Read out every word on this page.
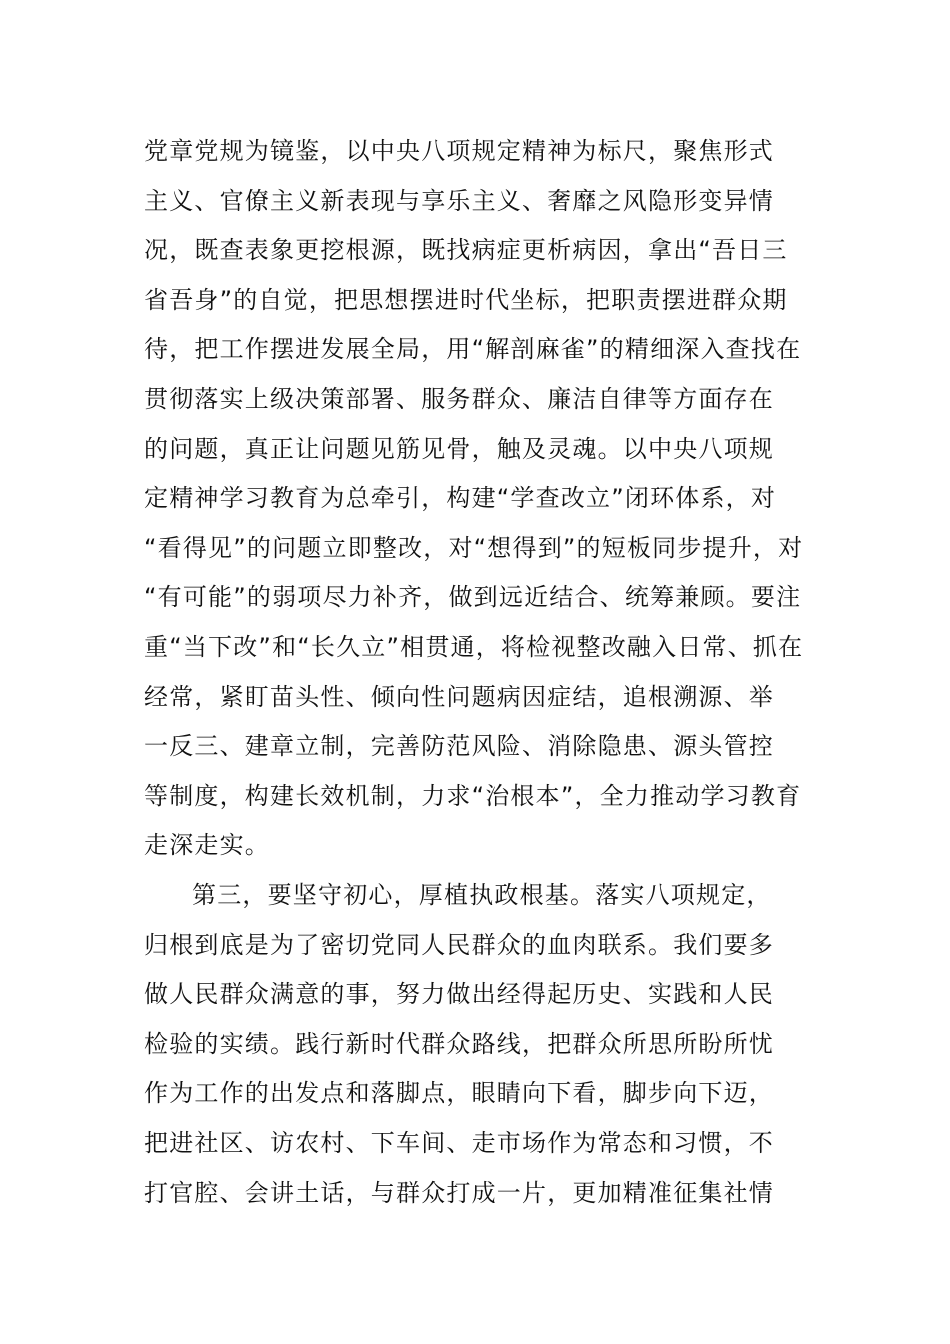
党章党规为镜鉴，以中央八项规定精神为标尺，聚焦形式
主义、官僚主义新表现与享乐主义、奢靡之风隐形变异情
况，既查表象更挖根源，既找病症更析病因，拿出“吾日三
省吾身”的自觉，把思想摆进时代坐标，把职责摆进群众期
待，把工作摆进发展全局，用“解剖麻雀”的精细深入查找在
贯彻落实上级决策部署、服务群众、廉洁自律等方面存在
的问题，真正让问题见筋见骨，触及灵魂。以中央八项规
定精神学习教育为总牵引，构建“学查改立”闭环体系，对
“看得见”的问题立即整改，对“想得到”的短板同步提升，对
“有可能”的弱项尽力补齐，做到远近结合、统筹兼顾。要注
重“当下改”和“长久立”相贯通，将检视整改融入日常、抓在
经常，紧盯苗头性、倾向性问题病因症结，追根溯源、举
一反三、建章立制，完善防范风险、消除隐患、源头管控
等制度，构建长效机制，力求“治根本”，全力推动学习教育
走深走实。
第三，要坚守初心，厚植执政根基。落实八项规定，
归根到底是为了密切党同人民群众的血肉联系。我们要多
做人民群众满意的事，努力做出经得起历史、实践和人民
检验的实绩。践行新时代群众路线，把群众所思所盼所忧
作为工作的出发点和落脚点，眼睛向下看，脚步向下迈，
把进社区、访农村、下车间、走市场作为常态和习惯，不
打官腔、会讲土话，与群众打成一片，更加精准征集社情
